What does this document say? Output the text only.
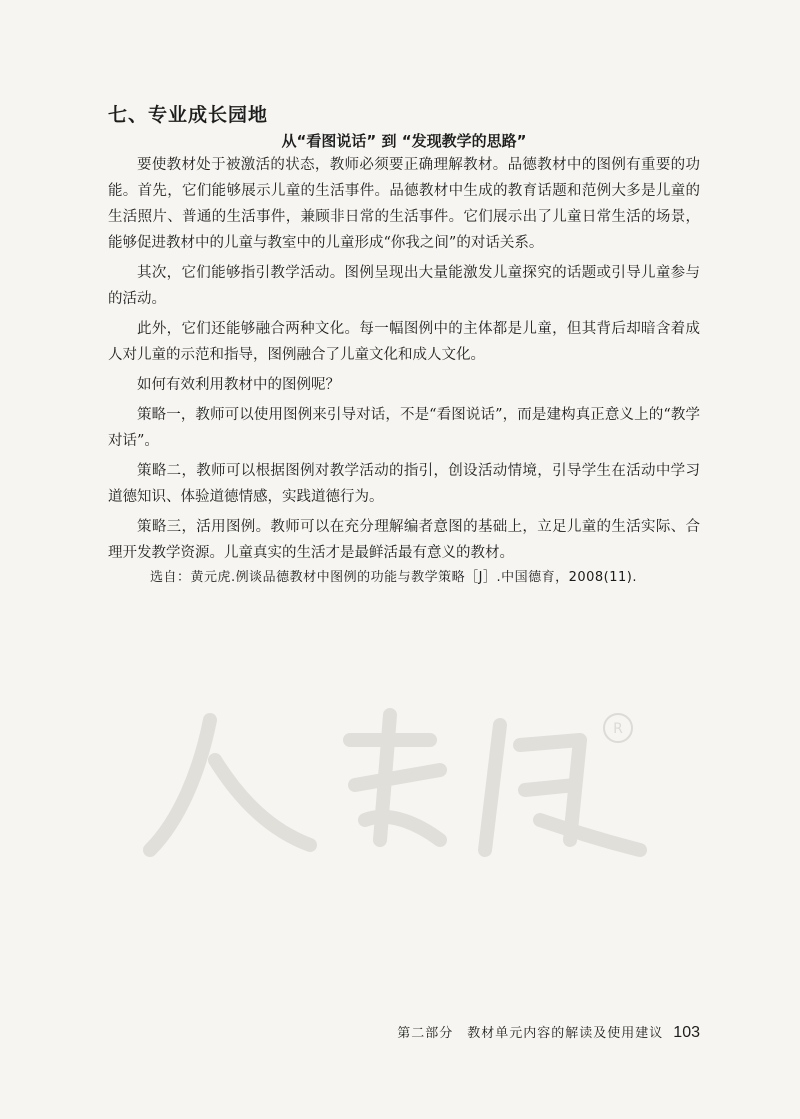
七、专业成长园地
从“看图说话” 到 “发现教学的思路”

要使教材处于被激活的状态，教师必须要正确理解教材。品德教材中的图例有重要的功能。首先，它们能够展示儿童的生活事件。品德教材中生成的教育话题和范例大多是儿童的生活照片、普通的生活事件，兼顾非日常的生活事件。它们展示出了儿童日常生活的场景，能够促进教材中的儿童与教室中的儿童形成“你我之间”的对话关系。

其次，它们能够指引教学活动。图例呈现出大量能激发儿童探究的话题或引导儿童参与的活动。

此外，它们还能够融合两种文化。每一幅图例中的主体都是儿童，但其背后却暗含着成人对儿童的示范和指导，图例融合了儿童文化和成人文化。

如何有效利用教材中的图例呢？

策略一，教师可以使用图例来引导对话，不是“看图说话”，而是建构真正意义上的“教学对话”。

策略二，教师可以根据图例对教学活动的指引，创设活动情境，引导学生在活动中学习道德知识、体验道德情感，实践道德行为。

策略三，活用图例。教师可以在充分理解编者意图的基础上，立足儿童的生活实际、合理开发教学资源。儿童真实的生活才是最鲜活最有意义的教材。

选自：黄元虎.例谈品德教材中图例的功能与教学策略［J］.中国德育，2008(11).

R
第二部分　教材单元内容的解读及使用建议 103
